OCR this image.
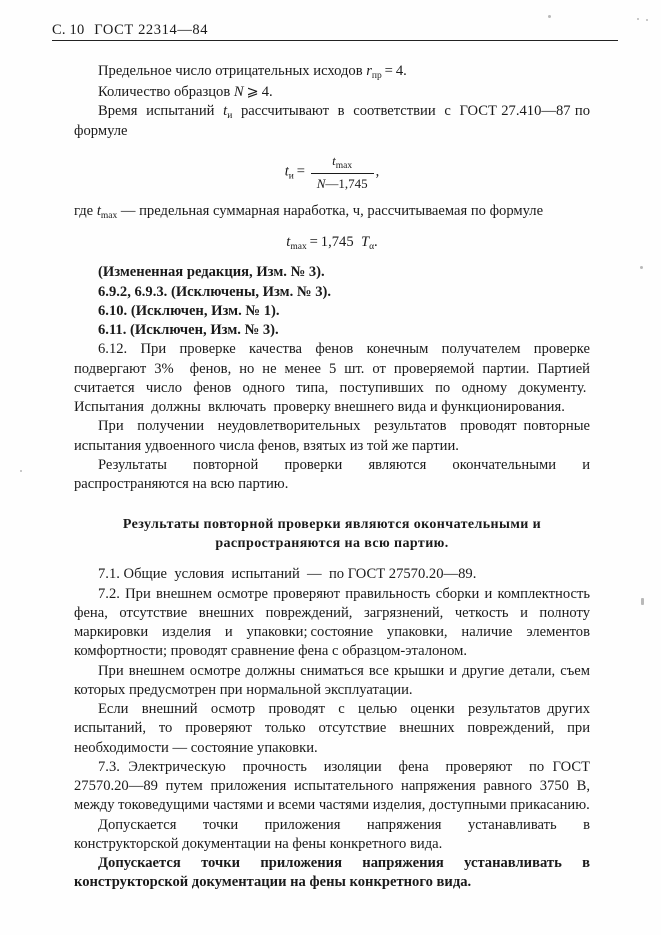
С. 10 ГОСТ 22314—84

Предельное число отрицательных исходов $r_{пр} = 4$.

Количество образцов N ⩾ 4.

Время  испытаний  $t_и$  рассчитывают  в  соответствии  с  ГОСТ 27.410—87 по формуле

$t_и = \frac{t_{max}}{N—1,745}$ ,

где $t_{max}$ — предельная суммарная наработка, ч, рассчитываемая по формуле

$t_{max} = 1,745$  $T_\alpha$.

(Измененная редакция, Изм. № 3).

6.9.2, 6.9.3. (Исключены, Изм. № 3).

6.10. (Исключен, Изм. № 1).

6.11. (Исключен, Изм. № 3).

6.12. При проверке качества фенов конечным получателем проверке подвергают 3%  фенов, но не менее 5 шт. от проверяемой партии. Партией считается число фенов одного типа, поступивших по одному документу.  Испытания  должны  включать  проверку внешнего вида и функционирования.

При  получении  неудовлетворительных  результатов  проводят повторные испытания удвоенного числа фенов, взятых из той же партии.

Результаты повторной проверки являются окончательными и распространяются на всю партию.

Результаты повторной проверки являются окончательными и распространяются на всю партию.

7.1. Общие  условия  испытаний  —  по ГОСТ 27570.20—89.

7.2. При внешнем осмотре проверяют правильность сборки и комплектность фена, отсутствие внешних повреждений, загрязнений, четкость и полноту маркировки изделия и упаковки; состояние упаковки, наличие элементов комфортности; проводят сравнение фена с образцом-эталоном.

При внешнем осмотре должны сниматься все крышки и другие детали, съем которых предусмотрен при нормальной эксплуатации.

Если  внешний  осмотр  проводят  с  целью  оценки  результатов других испытаний, то проверяют только отсутствие внешних повреждений, при необходимости — состояние упаковки.

7.3. Электрическую  прочность  изоляции  фена  проверяют  по ГОСТ 27570.20—89 путем приложения испытательного напряжения равного 3750 В, между токоведущими частями и всеми частями изделия, доступными прикасанию.

Допускается  точки  приложения  напряжения  устанавливать  в конструкторской документации на фены конкретного вида.

Допускается точки приложения напряжения устанавливать в конструкторской документации на фены конкретного вида.
